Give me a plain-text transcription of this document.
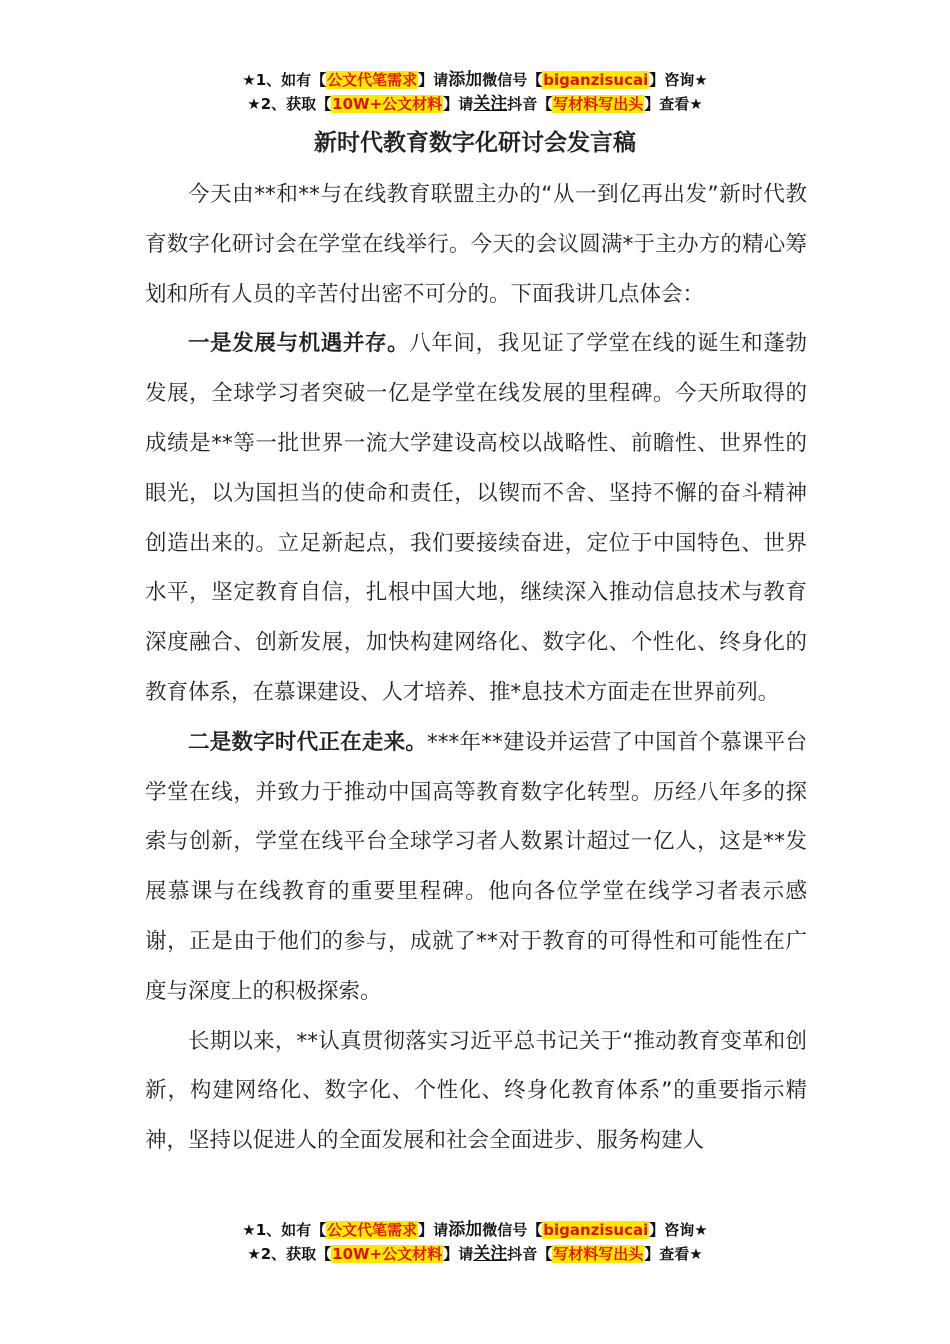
★1、如有【公文代笔需求】请添加微信号【biganzisucai】咨询★
★2、获取【10W+公文材料】请关注抖音【写材料写出头】查看★
新时代教育数字化研讨会发言稿

今天由**和**与在线教育联盟主办的“从一到亿再出发”新时代教育数字化研讨会在学堂在线举行。今天的会议圆满*于主办方的精心筹划和所有人员的辛苦付出密不可分的。下面我讲几点体会：

一是发展与机遇并存。八年间，我见证了学堂在线的诞生和蓬勃发展，全球学习者突破一亿是学堂在线发展的里程碑。今天所取得的成绩是**等一批世界一流大学建设高校以战略性、前瞻性、世界性的眼光，以为国担当的使命和责任，以锲而不舍、坚持不懈的奋斗精神创造出来的。立足新起点，我们要接续奋进，定位于中国特色、世界水平，坚定教育自信，扎根中国大地，继续深入推动信息技术与教育深度融合、创新发展，加快构建网络化、数字化、个性化、终身化的教育体系，在慕课建设、人才培养、推*息技术方面走在世界前列。

二是数字时代正在走来。***年**建设并运营了中国首个慕课平台学堂在线，并致力于推动中国高等教育数字化转型。历经八年多的探索与创新，学堂在线平台全球学习者人数累计超过一亿人，这是**发展慕课与在线教育的重要里程碑。他向各位学堂在线学习者表示感谢，正是由于他们的参与，成就了**对于教育的可得性和可能性在广度与深度上的积极探索。

长期以来，**认真贯彻落实习近平总书记关于“推动教育变革和创新，构建网络化、数字化、个性化、终身化教育体系”的重要指示精神，坚持以促进人的全面发展和社会全面进步、服务构建人

★1、如有【公文代笔需求】请添加微信号【biganzisucai】咨询★
★2、获取【10W+公文材料】请关注抖音【写材料写出头】查看★
